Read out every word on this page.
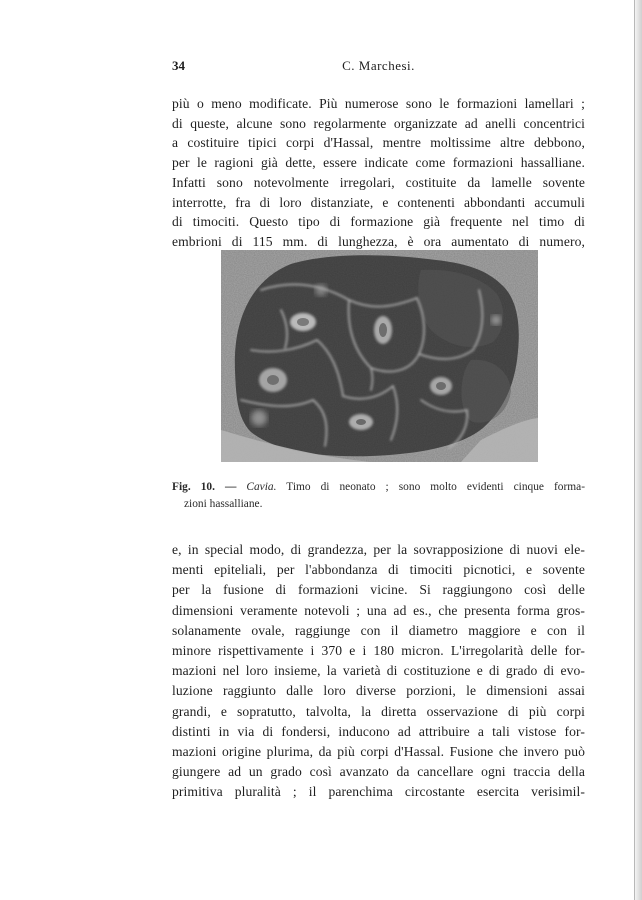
34	C. Marchesi.
più o meno modificate. Più numerose sono le formazioni lamellari ;
di queste, alcune sono regolarmente organizzate ad anelli concentrici
a costituire tipici corpi d'Hassal, mentre moltissime altre debbono,
per le ragioni già dette, essere indicate come formazioni hassalliane.
Infatti sono notevolmente irregolari, costituite da lamelle sovente
interrotte, fra di loro distanziate, e contenenti abbondanti accumuli
di timociti. Questo tipo di formazione già frequente nel timo di
embrioni di 115 mm. di lunghezza, è ora aumentato di numero,
Fig. 10. — Cavia. Timo di neonato ; sono molto evidenti cinque forma-
zioni hassalliane.
e, in special modo, di grandezza, per la sovrapposizione di nuovi ele-
menti epiteliali, per l'abbondanza di timociti picnotici, e sovente
per la fusione di formazioni vicine. Si raggiungono così delle
dimensioni veramente notevoli ; una ad es., che presenta forma gros-
solanamente ovale, raggiunge con il diametro maggiore e con il
minore rispettivamente i 370 e i 180 micron. L'irregolarità delle for-
mazioni nel loro insieme, la varietà di costituzione e di grado di evo-
luzione raggiunto dalle loro diverse porzioni, le dimensioni assai
grandi, e sopratutto, talvolta, la diretta osservazione di più corpi
distinti in via di fondersi, inducono ad attribuire a tali vistose for-
mazioni origine plurima, da più corpi d'Hassal. Fusione che invero può
giungere ad un grado così avanzato da cancellare ogni traccia della
primitiva pluralità ; il parenchima circostante esercita verisimil-
